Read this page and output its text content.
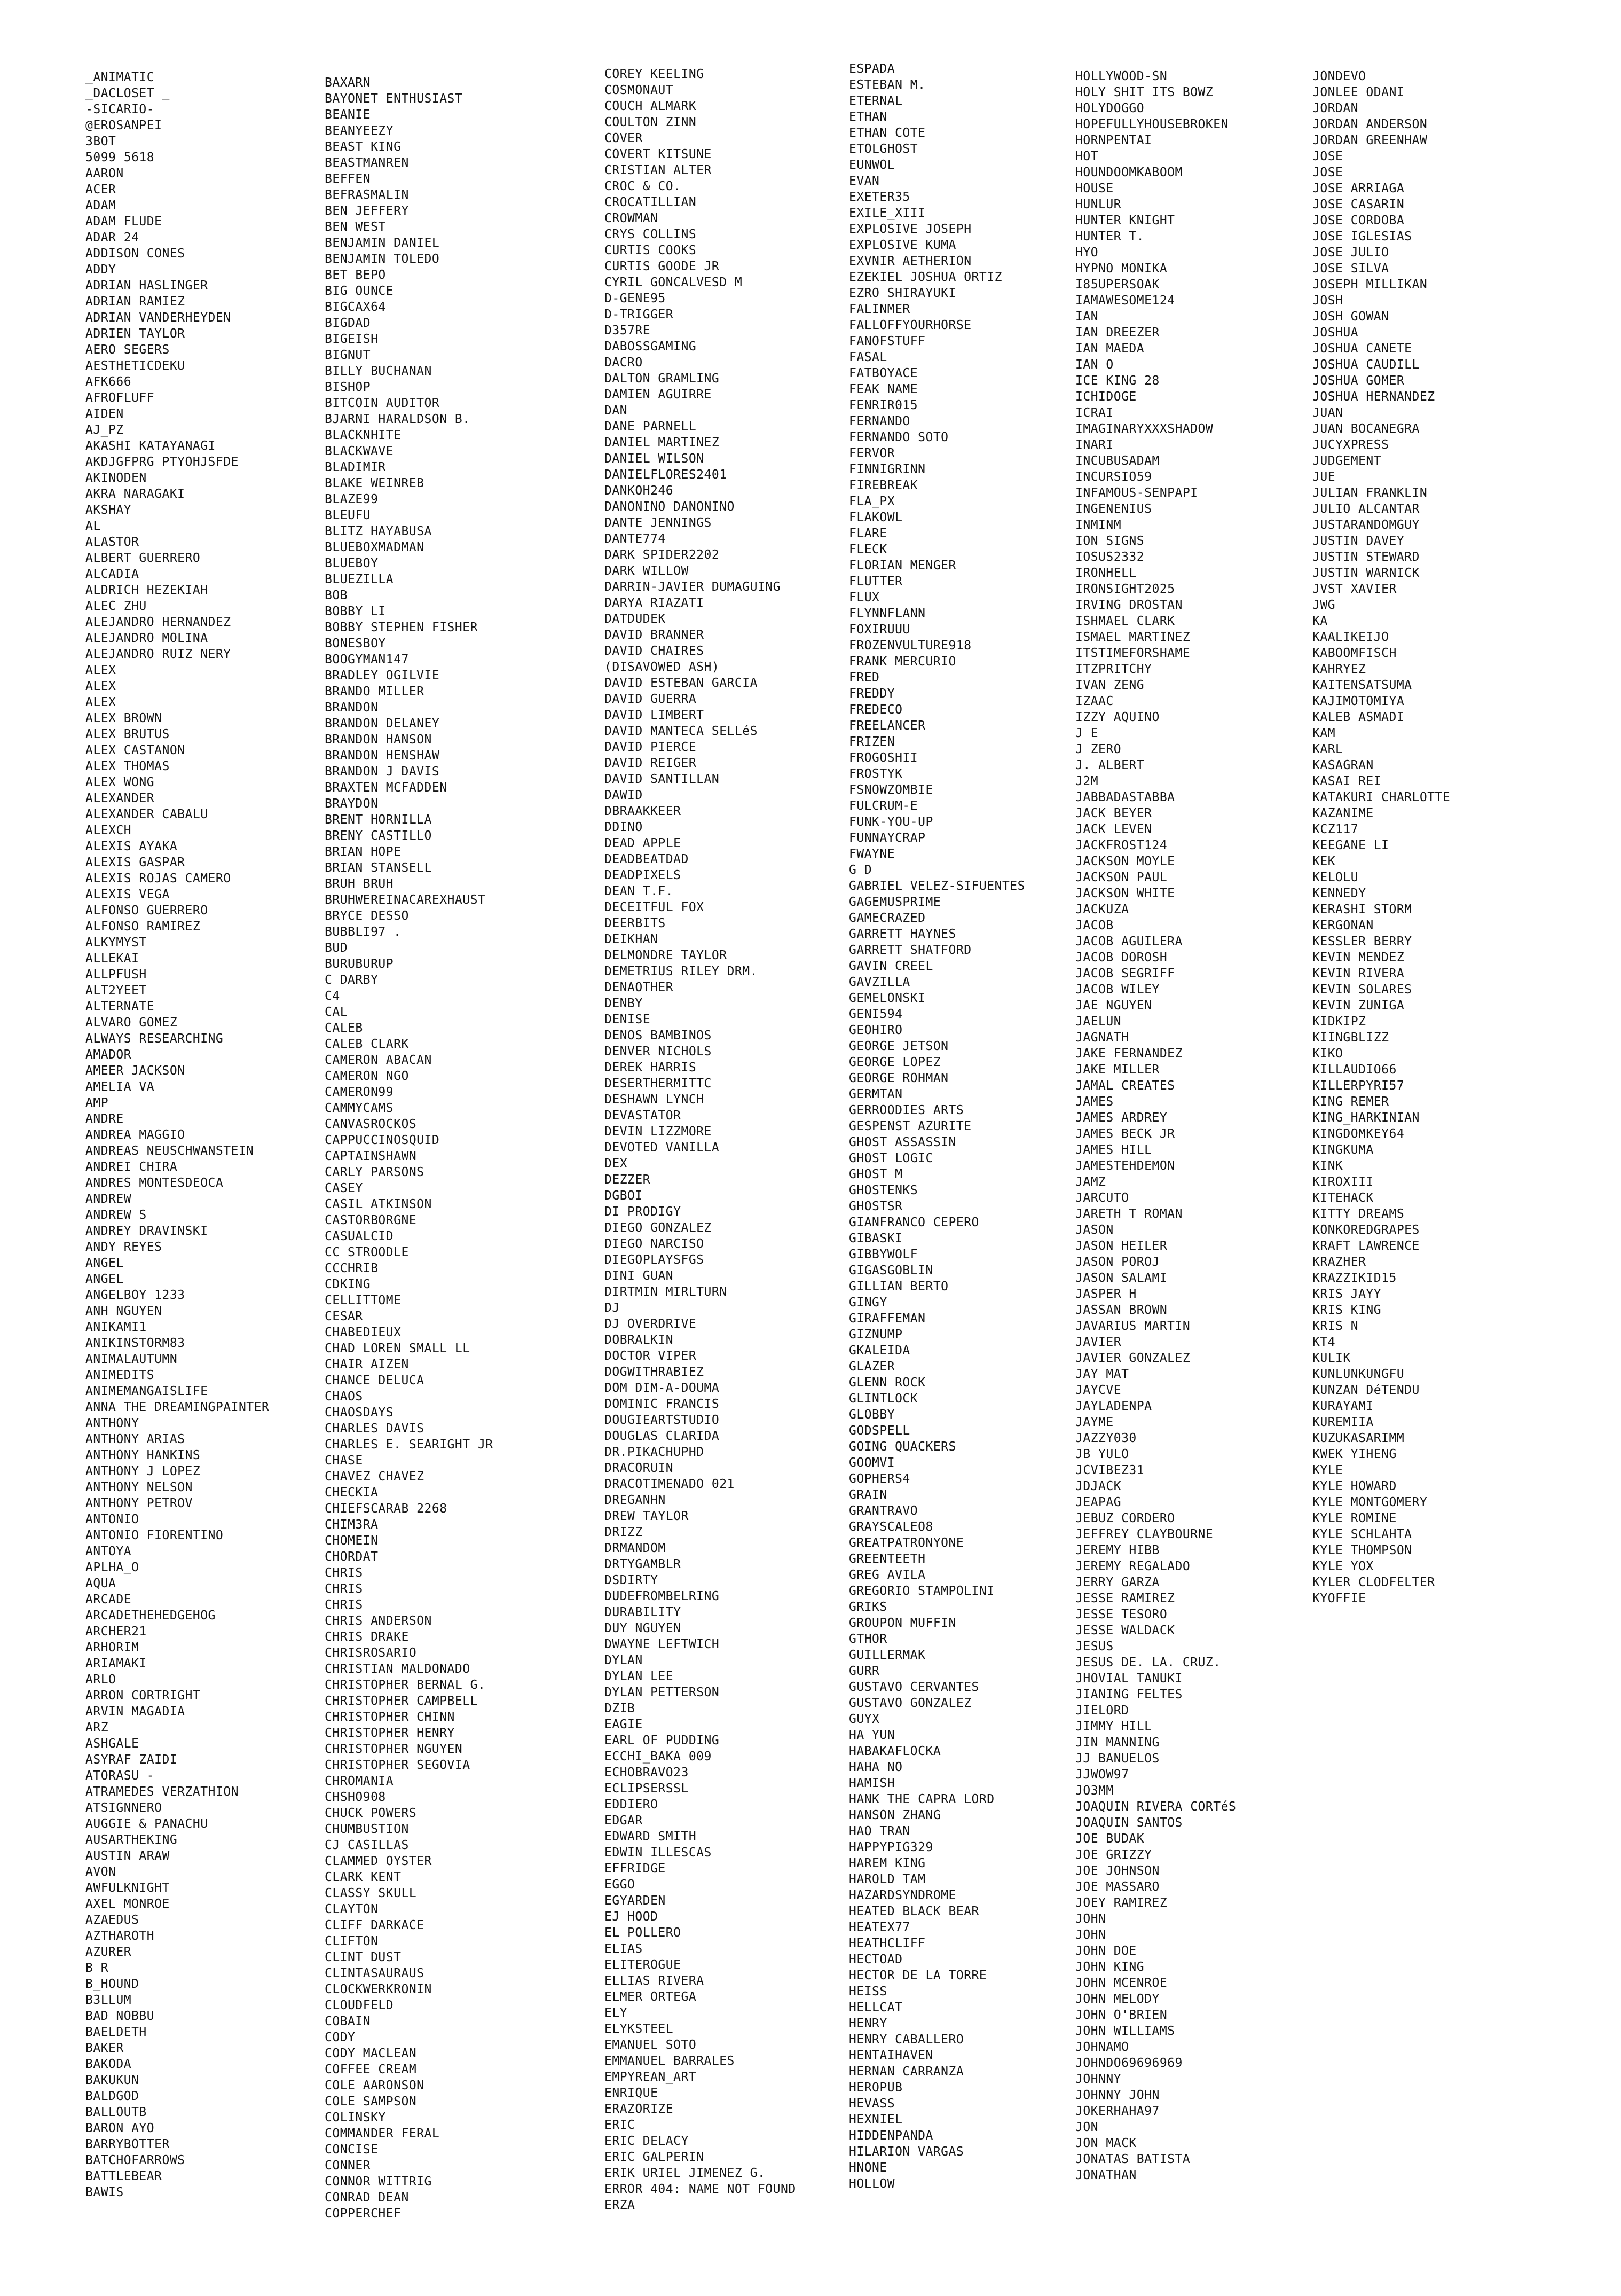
_ANIMATIC
_DACLOSET _
-SICARIO-
@EROSANPEI
3BOT
5099 5618
AARON
ACER
ADAM
ADAM FLUDE
ADAR 24
ADDISON CONES
ADDY
ADRIAN HASLINGER
ADRIAN RAMIEZ
ADRIAN VANDERHEYDEN
ADRIEN TAYLOR
AERO SEGERS
AESTHETICDEKU
AFK666
AFROFLUFF
AIDEN
AJ_PZ
AKASHI KATAYANAGI
AKDJGFPRG PTYOHJSFDE
AKINODEN
AKRA NARAGAKI
AKSHAY
AL
ALASTOR
ALBERT GUERRERO
ALCADIA
ALDRICH HEZEKIAH
ALEC ZHU
ALEJANDRO HERNANDEZ
ALEJANDRO MOLINA
ALEJANDRO RUIZ NERY
ALEX
ALEX
ALEX
ALEX BROWN
ALEX BRUTUS
ALEX CASTANON
ALEX THOMAS
ALEX WONG
ALEXANDER
ALEXANDER CABALU
ALEXCH
ALEXIS AYAKA
ALEXIS GASPAR
ALEXIS ROJAS CAMERO
ALEXIS VEGA
ALFONSO GUERRERO
ALFONSO RAMIREZ
ALKYMYST
ALLEKAI
ALLPFUSH
ALT2YEET
ALTERNATE
ALVARO GOMEZ
ALWAYS RESEARCHING
AMADOR
AMEER JACKSON
AMELIA VA
AMP
ANDRE
ANDREA MAGGIO
ANDREAS NEUSCHWANSTEIN
ANDREI CHIRA
ANDRES MONTESDEOCA
ANDREW
ANDREW S
ANDREY DRAVINSKI
ANDY REYES
ANGEL
ANGEL
ANGELBOY 1233
ANH NGUYEN
ANIKAMI1
ANIKINSTORM83
ANIMALAUTUMN
ANIMEDITS
ANIMEMANGAISLIFE
ANNA THE DREAMINGPAINTER
ANTHONY
ANTHONY ARIAS
ANTHONY HANKINS
ANTHONY J LOPEZ
ANTHONY NELSON
ANTHONY PETROV
ANTONIO
ANTONIO FIORENTINO
ANTOYA
APLHA_O
AQUA
ARCADE
ARCADETHEHEDGEHOG
ARCHER21
ARHORIM
ARIAMAKI
ARLO
ARRON CORTRIGHT
ARVIN MAGADIA
ARZ
ASHGALE
ASYRAF ZAIDI
ATORASU -
ATRAMEDES VERZATHION
ATSIGNNERO
AUGGIE & PANACHU
AUSARTHEKING
AUSTIN ARAW
AVON
AWFULKNIGHT
AXEL MONROE
AZAEDUS
AZTHAROTH
AZURER
B R
B_HOUND
B3LLUM
BAD NOBBU
BAELDETH
BAKER
BAKODA
BAKUKUN
BALDGOD
BALLOUTB
BARON AYO
BARRYBOTTER
BATCHOFARROWS
BATTLEBEAR
BAWIS
BAXARN
BAYONET ENTHUSIAST
BEANIE
BEANYEEZY
BEAST KING
BEASTMANREN
BEFFEN
BEFRASMALIN
BEN JEFFERY
BEN WEST
BENJAMIN DANIEL
BENJAMIN TOLEDO
BET BEPO
BIG OUNCE
BIGCAX64
BIGDAD
BIGEISH
BIGNUT
BILLY BUCHANAN
BISHOP
BITCOIN AUDITOR
BJARNI HARALDSON B.
BLACKNHITE
BLACKWAVE
BLADIMIR
BLAKE WEINREB
BLAZE99
BLEUFU
BLITZ HAYABUSA
BLUEBOXMADMAN
BLUEBOY
BLUEZILLA
BOB
BOBBY LI
BOBBY STEPHEN FISHER
BONESBOY
BOOGYMAN147
BRADLEY OGILVIE
BRANDO MILLER
BRANDON
BRANDON DELANEY
BRANDON HANSON
BRANDON HENSHAW
BRANDON J DAVIS
BRAXTEN MCFADDEN
BRAYDON
BRENT HORNILLA
BRENY CASTILLO
BRIAN HOPE
BRIAN STANSELL
BRUH BRUH
BRUHWEREINACAREXHAUST
BRYCE DESSO
BUBBLI97 .
BUD
BURUBURUP
C DARBY
C4
CAL
CALEB
CALEB CLARK
CAMERON ABACAN
CAMERON NGO
CAMERON99
CAMMYCAMS
CANVASROCKOS
CAPPUCCINOSQUID
CAPTAINSHAWN
CARLY PARSONS
CASEY
CASIL ATKINSON
CASTORBORGNE
CASUALCID
CC STROODLE
CCCHRIB
CDKING
CELLITTOME
CESAR
CHABEDIEUX
CHAD LOREN SMALL LL
CHAIR AIZEN
CHANCE DELUCA
CHAOS
CHAOSDAYS
CHARLES DAVIS
CHARLES E. SEARIGHT JR
CHASE
CHAVEZ CHAVEZ
CHECKIA
CHIEFSCARAB 2268
CHIM3RA
CHOMEIN
CHORDAT
CHRIS
CHRIS
CHRIS
CHRIS ANDERSON
CHRIS DRAKE
CHRISROSARIO
CHRISTIAN MALDONADO
CHRISTOPHER BERNAL G.
CHRISTOPHER CAMPBELL
CHRISTOPHER CHINN
CHRISTOPHER HENRY
CHRISTOPHER NGUYEN
CHRISTOPHER SEGOVIA
CHROMANIA
CHSHO908
CHUCK POWERS
CHUMBUSTION
CJ CASILLAS
CLAMMED OYSTER
CLARK KENT
CLASSY SKULL
CLAYTON
CLIFF DARKACE
CLIFTON
CLINT DUST
CLINTASAURAUS
CLOCKWERKRONIN
CLOUDFELD
COBAIN
CODY
CODY MACLEAN
COFFEE CREAM
COLE AARONSON
COLE SAMPSON
COLINSKY
COMMANDER FERAL
CONCISE
CONNER
CONNOR WITTRIG
CONRAD DEAN
COPPERCHEF
COREY KEELING
COSMONAUT
COUCH ALMARK
COULTON ZINN
COVER
COVERT KITSUNE
CRISTIAN ALTER
CROC & CO.
CROCATILLIAN
CROWMAN
CRYS COLLINS
CURTIS COOKS
CURTIS GOODE JR
CYRIL GONCALVESD M
D-GENE95
D-TRIGGER
D357RE
DABOSSGAMING
DACRO
DALTON GRAMLING
DAMIEN AGUIRRE
DAN
DANE PARNELL
DANIEL MARTINEZ
DANIEL WILSON
DANIELFLORES2401
DANKOH246
DANONINO DANONINO
DANTE JENNINGS
DANTE774
DARK SPIDER2202
DARK WILLOW
DARRIN-JAVIER DUMAGUING
DARYA RIAZATI
DATDUDEK
DAVID BRANNER
DAVID CHAIRES
(DISAVOWED ASH)
DAVID ESTEBAN GARCIA
DAVID GUERRA
DAVID LIMBERT
DAVID MANTECA SELLéS
DAVID PIERCE
DAVID REIGER
DAVID SANTILLAN
DAWID
DBRAAKKEER
DDINO
DEAD APPLE
DEADBEATDAD
DEADPIXELS
DEAN T.F.
DECEITFUL FOX
DEERBITS
DEIKHAN
DELMONDRE TAYLOR
DEMETRIUS RILEY DRM.
DENAOTHER
DENBY
DENISE
DENOS BAMBINOS
DENVER NICHOLS
DEREK HARRIS
DESERTHERMITTC
DESHAWN LYNCH
DEVASTATOR
DEVIN LIZZMORE
DEVOTED VANILLA
DEX
DEZZER
DGBOI
DI PRODIGY
DIEGO GONZALEZ
DIEGO NARCISO
DIEGOPLAYSFGS
DINI GUAN
DIRTMIN MIRLTURN
DJ
DJ OVERDRIVE
DOBRALKIN
DOCTOR VIPER
DOGWITHRABIEZ
DOM DIM-A-DOUMA
DOMINIC FRANCIS
DOUGIEARTSTUDIO
DOUGLAS CLARIDA
DR.PIKACHUPHD
DRACORUIN
DRACOTIMENADO 021
DREGANHN
DREW TAYLOR
DRIZZ
DRMANDOM
DRTYGAMBLR
DSDIRTY
DUDEFROMBELRING
DURABILITY
DUY NGUYEN
DWAYNE LEFTWICH
DYLAN
DYLAN LEE
DYLAN PETTERSON
DZIB
EAGIE
EARL OF PUDDING
ECCHI_BAKA 009
ECHOBRAVO23
ECLIPSERSSL
EDDIERO
EDGAR
EDWARD SMITH
EDWIN ILLESCAS
EFFRIDGE
EGGO
EGYARDEN
EJ HOOD
EL POLLERO
ELIAS
ELITEROGUE
ELLIAS RIVERA
ELMER ORTEGA
ELY
ELYKSTEEL
EMANUEL SOTO
EMMANUEL BARRALES
EMPYREAN_ART
ENRIQUE
ERAZORIZE
ERIC
ERIC DELACY
ERIC GALPERIN
ERIK URIEL JIMENEZ G.
ERROR 404: NAME NOT FOUND
ERZA
ESPADA
ESTEBAN M.
ETERNAL
ETHAN
ETHAN COTE
ETOLGHOST
EUNWOL
EVAN
EXETER35
EXILE_XIII
EXPLOSIVE JOSEPH
EXPLOSIVE KUMA
EXVNIR AETHERION
EZEKIEL JOSHUA ORTIZ
EZRO SHIRAYUKI
FALINMER
FALLOFFYOURHORSE
FANOFSTUFF
FASAL
FATBOYACE
FEAK NAME
FENRIR015
FERNANDO
FERNANDO SOTO
FERVOR
FINNIGRINN
FIREBREAK
FLA_PX
FLAKOWL
FLARE
FLECK
FLORIAN MENGER
FLUTTER
FLUX
FLYNNFLANN
FOXIRUUU
FROZENVULTURE918
FRANK MERCURIO
FRED
FREDDY
FREDECO
FREELANCER
FRIZEN
FROGOSHII
FROSTYK
FSNOWZOMBIE
FULCRUM-E
FUNK-YOU-UP
FUNNAYCRAP
FWAYNE
G D
GABRIEL VELEZ-SIFUENTES
GAGEMUSPRIME
GAMECRAZED
GARRETT HAYNES
GARRETT SHATFORD
GAVIN CREEL
GAVZILLA
GEMELONSKI
GENI594
GEOHIRO
GEORGE JETSON
GEORGE LOPEZ
GEORGE ROHMAN
GERMTAN
GERROODIES ARTS
GESPENST AZURITE
GHOST ASSASSIN
GHOST LOGIC
GHOST M
GHOSTENKS
GHOSTSR
GIANFRANCO CEPERO
GIBASKI
GIBBYWOLF
GIGASGOBLIN
GILLIAN BERTO
GINGY
GIRAFFEMAN
GIZNUMP
GKALEIDA
GLAZER
GLENN ROCK
GLINTLOCK
GLOBBY
GODSPELL
GOING QUACKERS
GOOMVI
GOPHERS4
GRAIN
GRANTRAVO
GRAYSCALEO8
GREATPATRONYONE
GREENTEETH
GREG AVILA
GREGORIO STAMPOLINI
GRIKS
GROUPON MUFFIN
GTHOR
GUILLERMAK
GURR
GUSTAVO CERVANTES
GUSTAVO GONZALEZ
GUYX
HA YUN
HABAKAFLOCKA
HAHA NO
HAMISH
HANK THE CAPRA LORD
HANSON ZHANG
HAO TRAN
HAPPYPIG329
HAREM KING
HAROLD TAM
HAZARDSYNDROME
HEATED BLACK BEAR
HEATEX77
HEATHCLIFF
HECTOAD
HECTOR DE LA TORRE
HEISS
HELLCAT
HENRY
HENRY CABALLERO
HENTAIHAVEN
HERNAN CARRANZA
HEROPUB
HEVASS
HEXNIEL
HIDDENPANDA
HILARION VARGAS
HNONE
HOLLOW
HOLLYWOOD-SN
HOLY SHIT ITS BOWZ
HOLYDOGGO
HOPEFULLYHOUSEBROKEN
HORNPENTAI
HOT
HOUNDOOMKABOOM
HOUSE
HUNLUR
HUNTER KNIGHT
HUNTER T.
HYO
HYPNO MONIKA
I85UPERSOAK
IAMAWESOME124
IAN
IAN DREEZER
IAN MAEDA
IAN O
ICE KING 28
ICHIDOGE
ICRAI
IMAGINARYXXXSHADOW
INARI
INCUBUSADAM
INCURSIO59
INFAMOUS-SENPAPI
INGENENIUS
INMINM
ION SIGNS
IOSUS2332
IRONHELL
IRONSIGHT2025
IRVING DROSTAN
ISHMAEL CLARK
ISMAEL MARTINEZ
ITSTIMEFORSHAME
ITZPRITCHY
IVAN ZENG
IZAAC
IZZY AQUINO
J E
J ZERO
J. ALBERT
J2M
JABBADASTABBA
JACK BEYER
JACK LEVEN
JACKFROST124
JACKSON MOYLE
JACKSON PAUL
JACKSON WHITE
JACKUZA
JACOB
JACOB AGUILERA
JACOB DOROSH
JACOB SEGRIFF
JACOB WILEY
JAE NGUYEN
JAELUN
JAGNATH
JAKE FERNANDEZ
JAKE MILLER
JAMAL CREATES
JAMES
JAMES ARDREY
JAMES BECK JR
JAMES HILL
JAMESTEHDEMON
JAMZ
JARCUTO
JARETH T ROMAN
JASON
JASON HEILER
JASON POROJ
JASON SALAMI
JASPER H
JASSAN BROWN
JAVARIUS MARTIN
JAVIER
JAVIER GONZALEZ
JAY MAT
JAYCVE
JAYLADENPA
JAYME
JAZZY030
JB YULO
JCVIBEZ31
JDJACK
JEAPAG
JEBUZ CORDERO
JEFFREY CLAYBOURNE
JEREMY HIBB
JEREMY REGALADO
JERRY GARZA
JESSE RAMIREZ
JESSE TESORO
JESSE WALDACK
JESUS
JESUS DE. LA. CRUZ.
JHOVIAL TANUKI
JIANING FELTES
JIELORD
JIMMY HILL
JIN MANNING
JJ BANUELOS
JJWOW97
JO3MM
JOAQUIN RIVERA CORTéS
JOAQUIN SANTOS
JOE BUDAK
JOE GRIZZY
JOE JOHNSON
JOE MASSARO
JOEY RAMIREZ
JOHN
JOHN
JOHN DOE
JOHN KING
JOHN MCENROE
JOHN MELODY
JOHN O'BRIEN
JOHN WILLIAMS
JOHNAMO
JOHNDO69696969
JOHNNY
JOHNNY JOHN
JOKERHAHA97
JON
JON MACK
JONATAS BATISTA
JONATHAN
JONDEVO
JONLEE ODANI
JORDAN
JORDAN ANDERSON
JORDAN GREENHAW
JOSE
JOSE
JOSE ARRIAGA
JOSE CASARIN
JOSE CORDOBA
JOSE IGLESIAS
JOSE JULIO
JOSE SILVA
JOSEPH MILLIKAN
JOSH
JOSH GOWAN
JOSHUA
JOSHUA CANETE
JOSHUA CAUDILL
JOSHUA GOMER
JOSHUA HERNANDEZ
JUAN
JUAN BOCANEGRA
JUCYXPRESS
JUDGEMENT
JUE
JULIAN FRANKLIN
JULIO ALCANTAR
JUSTARANDOMGUY
JUSTIN DAVEY
JUSTIN STEWARD
JUSTIN WARNICK
JVST XAVIER
JWG
KA
KAALIKEIJO
KABOOMFISCH
KAHRYEZ
KAITENSATSUMA
KAJIMOTOMIYA
KALEB ASMADI
KAM
KARL
KASAGRAN
KASAI REI
KATAKURI CHARLOTTE
KAZANIME
KCZ117
KEEGANE LI
KEK
KELOLU
KENNEDY
KERASHI STORM
KERGONAN
KESSLER BERRY
KEVIN MENDEZ
KEVIN RIVERA
KEVIN SOLARES
KEVIN ZUNIGA
KIDKIPZ
KIINGBLIZZ
KIKO
KILLAUDIO66
KILLERPYRI57
KING REMER
KING_HARKINIAN
KINGDOMKEY64
KINGKUMA
KINK
KIROXIII
KITEHACK
KITTY DREAMS
KONKOREDGRAPES
KRAFT LAWRENCE
KRAZHER
KRAZZIKID15
KRIS JAYY
KRIS KING
KRIS N
KT4
KULIK
KUNLUNKUNGFU
KUNZAN DéTENDU
KURAYAMI
KUREMIIA
KUZUKASARIMM
KWEK YIHENG
KYLE
KYLE HOWARD
KYLE MONTGOMERY
KYLE ROMINE
KYLE SCHLAHTA
KYLE THOMPSON
KYLE YOX
KYLER CLODFELTER
KYOFFIE
